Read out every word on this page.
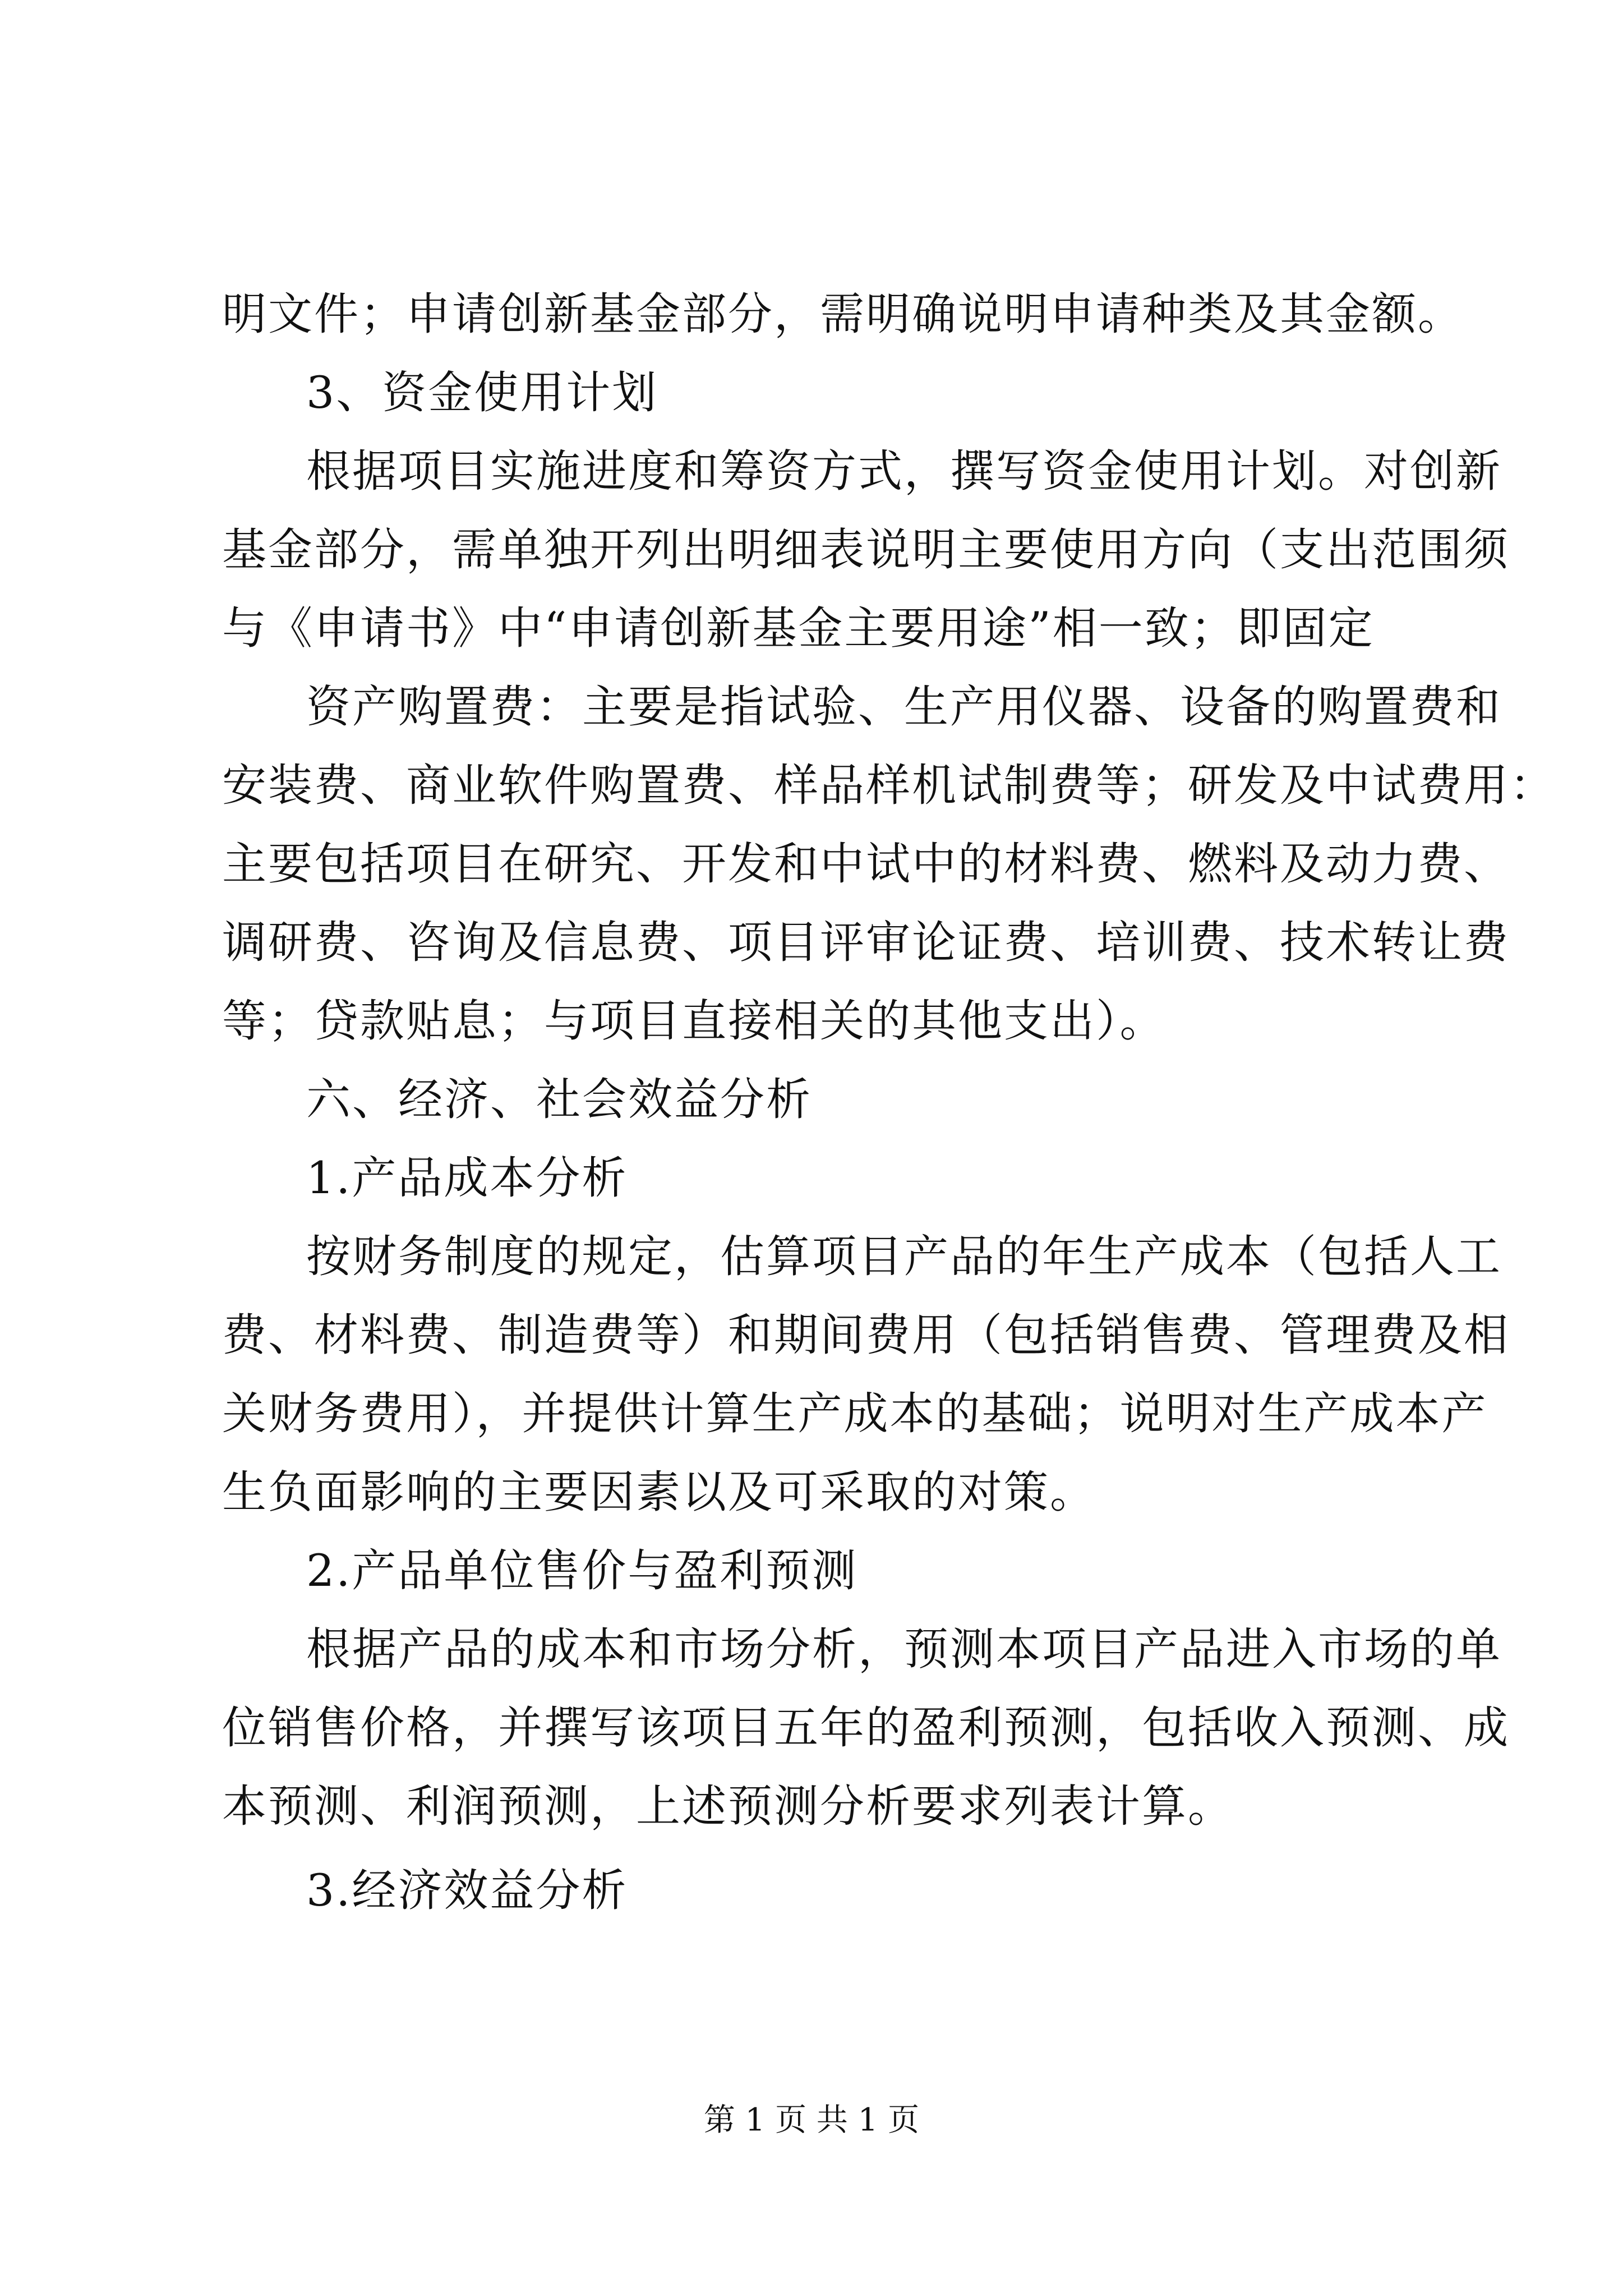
明文件；申请创新基金部分，需明确说明申请种类及其金额。
3、资金使用计划
根据项目实施进度和筹资方式，撰写资金使用计划。对创新
基金部分，需单独开列出明细表说明主要使用方向（支出范围须
与《申请书》中“申请创新基金主要用途”相一致；即固定
资产购置费：主要是指试验、生产用仪器、设备的购置费和
安装费、商业软件购置费、样品样机试制费等；研发及中试费用：
主要包括项目在研究、开发和中试中的材料费、燃料及动力费、
调研费、咨询及信息费、项目评审论证费、培训费、技术转让费
等；贷款贴息；与项目直接相关的其他支出）。
六、经济、社会效益分析
1.产品成本分析
按财务制度的规定，估算项目产品的年生产成本（包括人工
费、材料费、制造费等）和期间费用（包括销售费、管理费及相
关财务费用），并提供计算生产成本的基础；说明对生产成本产
生负面影响的主要因素以及可采取的对策。
2.产品单位售价与盈利预测
根据产品的成本和市场分析，预测本项目产品进入市场的单
位销售价格，并撰写该项目五年的盈利预测，包括收入预测、成
本预测、利润预测，上述预测分析要求列表计算。
3.经济效益分析
第 1 页 共 1 页
